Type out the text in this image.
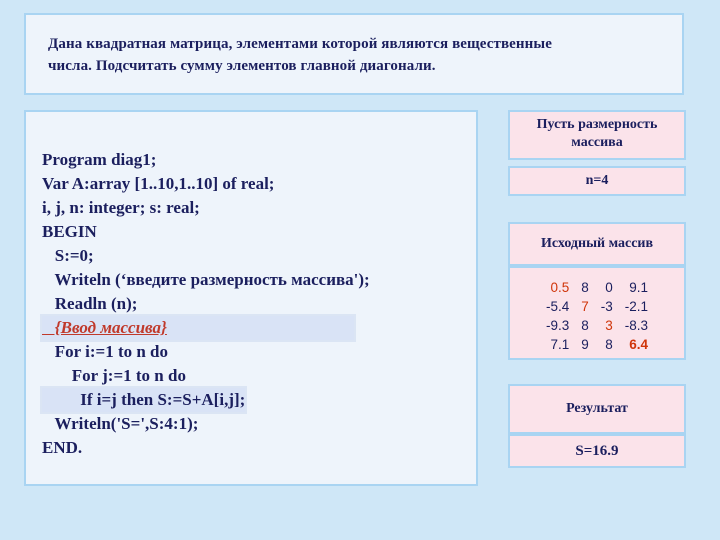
Дана квадратная матрица, элементами которой являются вещественные
числа. Подсчитать сумму элементов главной диагонали.
Program diag1;
Var A:array [1..10,1..10] of real;
i, j, n: integer; s: real;
BEGIN
S:=0;
Writeln (‘введите размерность массива');
Readln (n);
{Ввод массива}
For i:=1 to n do
For j:=1 to n do
If i=j then S:=S+A[i,j];
Writeln('S=',S:4:1);
END.
Пусть размерность массива
n=4
Исходный массив
0.5	8	0	9.1
-5.4	7	-3	-2.1
-9.3	8	3	-8.3
7.1	9	8	6.4
Результат
S=16.9
